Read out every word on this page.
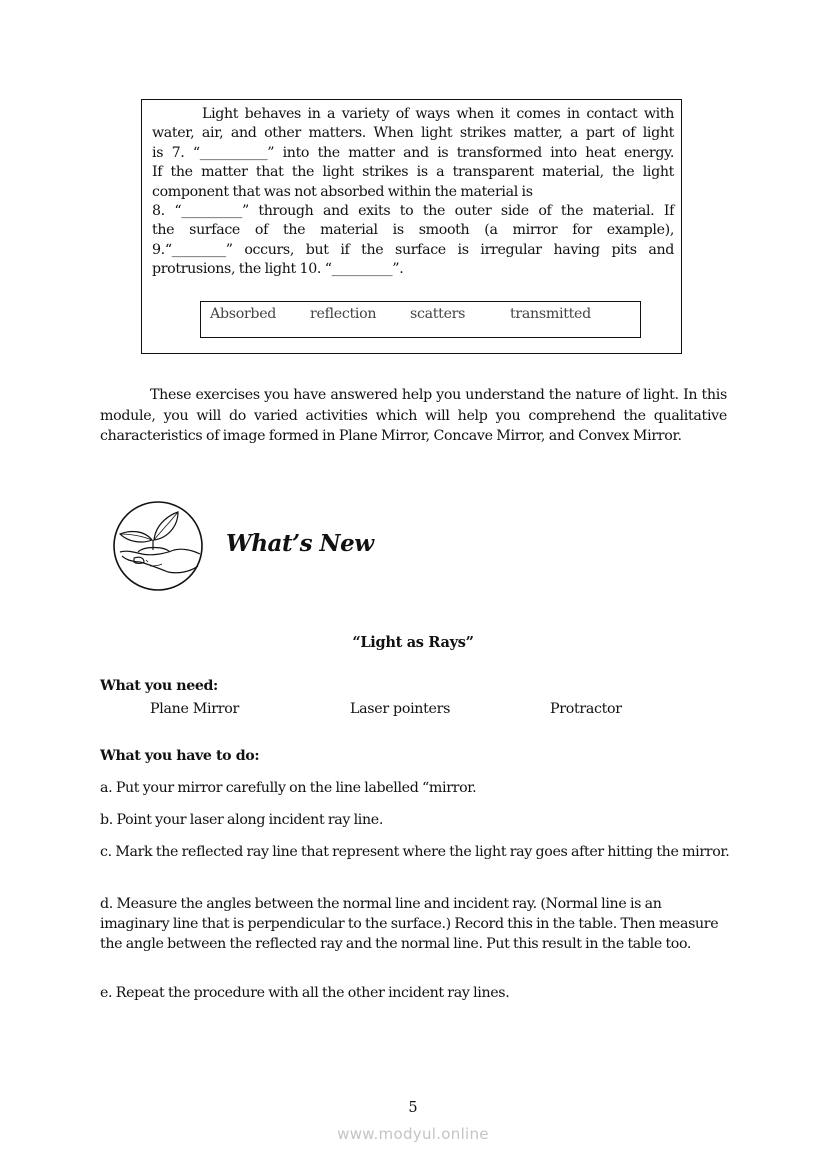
Light behaves in a variety of ways when it comes in contact with
water, air, and other matters. When light strikes matter, a part of light
is 7. “__________” into the matter and is transformed into heat energy.
If the matter that the light strikes is a transparent material, the light
component that was not absorbed within the material is
8. “_________” through and exits to the outer side of the material. If
the surface of the material is smooth (a mirror for example),
9.“________” occurs, but if the surface is irregular having pits and
protrusions, the light 10. “_________”.
Absorbed reflection scatters	transmitted
These exercises you have answered help you understand the nature of light. In this module, you will do varied activities which will help you comprehend the qualitative characteristics of image formed in Plane Mirror, Concave Mirror, and Convex Mirror.
What’s New
“Light as Rays”
What you need:
Plane Mirror	Laser pointers	Protractor
What you have to do:
a. Put your mirror carefully on the line labelled “mirror.
b. Point your laser along incident ray line.
c. Mark the reflected ray line that represent where the light ray goes after hitting the mirror.
d. Measure the angles between the normal line and incident ray. (Normal line is an imaginary line that is perpendicular to the surface.) Record this in the table. Then measure the angle between the reflected ray and the normal line. Put this result in the table too.
e. Repeat the procedure with all the other incident ray lines.
5
www.modyul.online
